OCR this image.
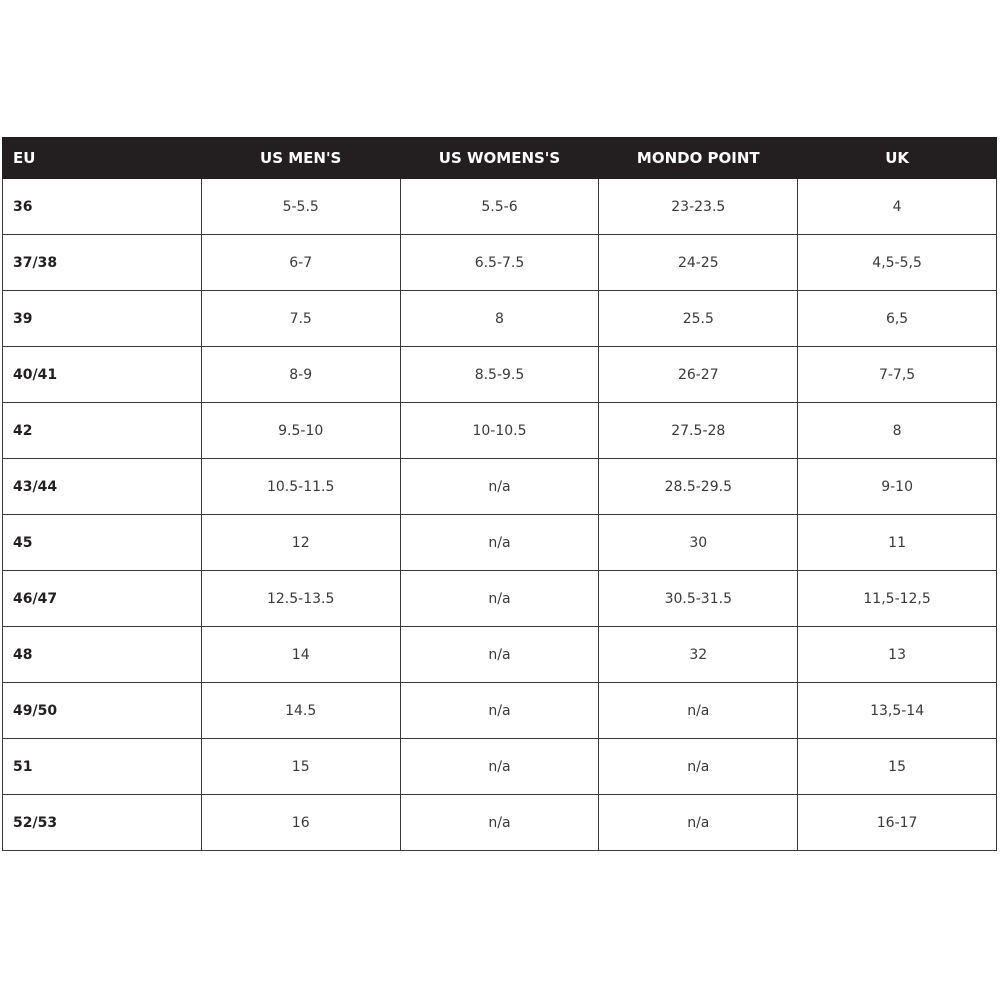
EU	US MEN'S	US WOMENS'S	MONDO POINT	UK
36	5-5.5	5.5-6	23-23.5	4
37/38	6-7	6.5-7.5	24-25	4,5-5,5
39	7.5	8	25.5	6,5
40/41	8-9	8.5-9.5	26-27	7-7,5
42	9.5-10	10-10.5	27.5-28	8
43/44	10.5-11.5	n/a	28.5-29.5	9-10
45	12	n/a	30	11
46/47	12.5-13.5	n/a	30.5-31.5	11,5-12,5
48	14	n/a	32	13
49/50	14.5	n/a	n/a	13,5-14
51	15	n/a	n/a	15
52/53	16	n/a	n/a	16-17
